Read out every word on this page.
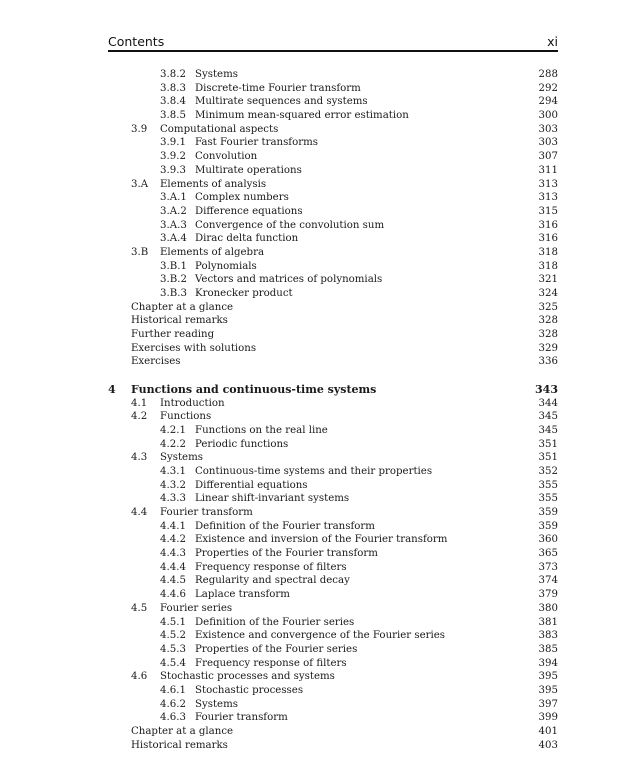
Contents	xi
3.8.2 Systems	288
3.8.3 Discrete-time Fourier transform	292
3.8.4 Multirate sequences and systems	294
3.8.5 Minimum mean-squared error estimation	300
3.9 Computational aspects	303
3.9.1 Fast Fourier transforms	303
3.9.2 Convolution	307
3.9.3 Multirate operations	311
3.A Elements of analysis	313
3.A.1 Complex numbers	313
3.A.2 Difference equations	315
3.A.3 Convergence of the convolution sum	316
3.A.4 Dirac delta function	316
3.B Elements of algebra	318
3.B.1 Polynomials	318
3.B.2 Vectors and matrices of polynomials	321
3.B.3 Kronecker product	324
Chapter at a glance	325
Historical remarks	328
Further reading	328
Exercises with solutions	329
Exercises	336
4 Functions and continuous-time systems	343
4.1 Introduction	344
4.2 Functions	345
4.2.1 Functions on the real line	345
4.2.2 Periodic functions	351
4.3 Systems	351
4.3.1 Continuous-time systems and their properties	352
4.3.2 Differential equations	355
4.3.3 Linear shift-invariant systems	355
4.4 Fourier transform	359
4.4.1 Definition of the Fourier transform	359
4.4.2 Existence and inversion of the Fourier transform	360
4.4.3 Properties of the Fourier transform	365
4.4.4 Frequency response of filters	373
4.4.5 Regularity and spectral decay	374
4.4.6 Laplace transform	379
4.5 Fourier series	380
4.5.1 Definition of the Fourier series	381
4.5.2 Existence and convergence of the Fourier series	383
4.5.3 Properties of the Fourier series	385
4.5.4 Frequency response of filters	394
4.6 Stochastic processes and systems	395
4.6.1 Stochastic processes	395
4.6.2 Systems	397
4.6.3 Fourier transform	399
Chapter at a glance	401
Historical remarks	403
